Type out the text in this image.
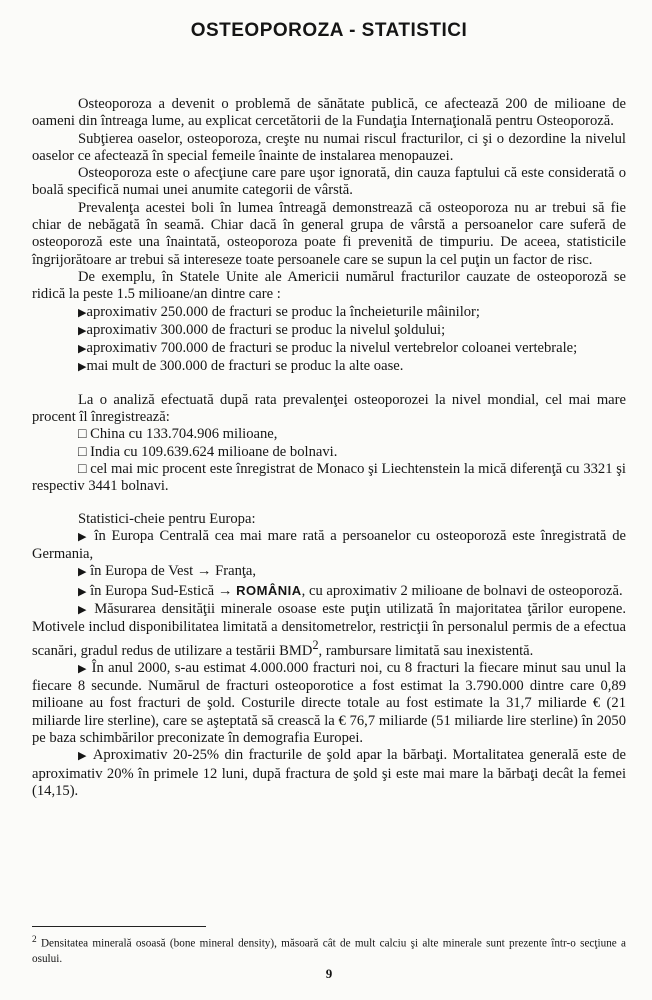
OSTEOPOROZA - STATISTICI

Osteoporoza a devenit o problemă de sănătate publică, ce afectează 200 de milioane de oameni din întreaga lume, au explicat cercetătorii de la Fundaţia Internaţională pentru Osteoporoză.

Subţierea oaselor, osteoporoza, creşte nu numai riscul fracturilor, ci şi o dezordine la nivelul oaselor ce afectează în special femeile înainte de instalarea menopauzei.

Osteoporoza este o afecţiune care pare uşor ignorată, din cauza faptului că este considerată o boală specifică numai unei anumite categorii de vârstă.

Prevalenţa acestei boli în lumea întreagă demonstrează că osteoporoza nu ar trebui să fie chiar de nebăgată în seamă. Chiar dacă în general grupa de vârstă a persoanelor care suferă de osteoporoză este una înaintată, osteoporoza poate fi prevenită de timpuriu. De aceea, statisticile îngrijorătoare ar trebui să intereseze toate persoanele care se supun la cel puţin un factor de risc.

De exemplu, în Statele Unite ale Americii numărul fracturilor cauzate de osteoporoză se ridică la peste 1.5 milioane/an dintre care :

▶aproximativ 250.000 de fracturi se produc la încheieturile mâinilor;
▶aproximativ 300.000 de fracturi se produc la nivelul şoldului;
▶aproximativ 700.000 de fracturi se produc la nivelul vertebrelor coloanei vertebrale;
▶mai mult de 300.000 de fracturi se produc la alte oase.

La o analiză efectuată după rata prevalenţei osteoporozei la nivel mondial, cel mai mare procent îl înregistrează:

□ China cu 133.704.906 milioane,
□ India cu 109.639.624 milioane de bolnavi.
□ cel mai mic procent este înregistrat de Monaco şi Liechtenstein la mică diferenţă cu 3321 şi respectiv 3441 bolnavi.

Statistici-cheie pentru Europa:

▶ în Europa Centrală cea mai mare rată a persoanelor cu osteoporoză este înregistrată de Germania,

▶ în Europa de Vest → Franţa,

▶ în Europa Sud-Estică → ROMÂNIA, cu aproximativ 2 milioane de bolnavi de osteoporoză.

▶ Măsurarea densităţii minerale osoase este puţin utilizată în majoritatea ţărilor europene. Motivele includ disponibilitatea limitată a densitometrelor, restricţii în personalul permis de a efectua scanări, gradul redus de utilizare a testării BMD$^2$, rambursare limitată sau inexistentă.

▶ În anul 2000, s-au estimat 4.000.000 fracturi noi, cu 8 fracturi la fiecare minut sau unul la fiecare 8 secunde. Numărul de fracturi osteoporotice a fost estimat la 3.790.000 dintre care 0,89 milioane au fost fracturi de şold. Costurile directe totale au fost estimate la 31,7 miliarde € (21 miliarde lire sterline), care se aşteptată să crească la € 76,7 miliarde (51 miliarde lire sterline) în 2050 pe baza schimbărilor preconizate în demografia Europei.

▶ Aproximativ 20-25% din fracturile de şold apar la bărbaţi. Mortalitatea generală este de aproximativ 20% în primele 12 luni, după fractura de şold şi este mai mare la bărbaţi decât la femei (14,15).

$^2$ Densitatea minerală osoasă (bone mineral density), măsoară cât de mult calciu şi alte minerale sunt prezente într-o secţiune a osului.
9
